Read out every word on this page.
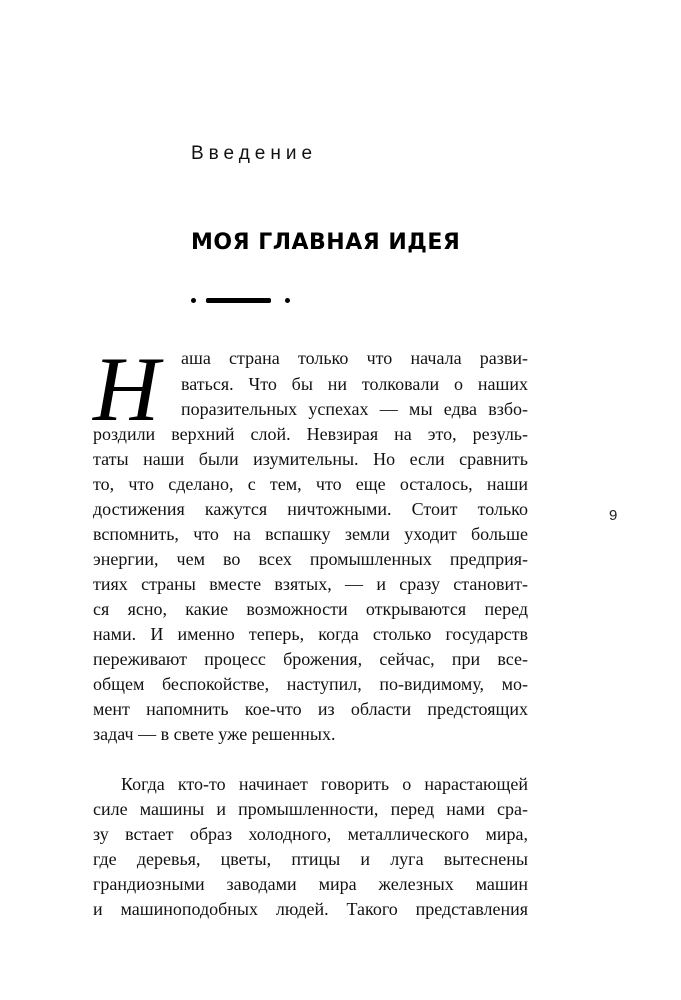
Введение
МОЯ ГЛАВНАЯ ИДЕЯ
Н аша страна только что начала разви-
ваться. Что бы ни толковали о наших
поразительных успехах — мы едва взбо-
роздили верхний слой. Невзирая на это, резуль-
таты наши были изумительны. Но если сравнить
то, что сделано, с тем, что еще осталось, наши
достижения кажутся ничтожными. Стоит только
вспомнить, что на вспашку земли уходит больше
энергии, чем во всех промышленных предприя-
тиях страны вместе взятых, — и сразу становит-
ся ясно, какие возможности открываются перед
нами. И именно теперь, когда столько государств
переживают процесс брожения, сейчас, при все-
общем беспокойстве, наступил, по-видимому, мо-
мент напомнить кое-что из области предстоящих
задач — в свете уже решенных.
Когда кто-то начинает говорить о нарастающей
силе машины и промышленности, перед нами сра-
зу встает образ холодного, металлического мира,
где деревья, цветы, птицы и луга вытеснены
грандиозными заводами мира железных машин
и машиноподобных людей. Такого представления
9
